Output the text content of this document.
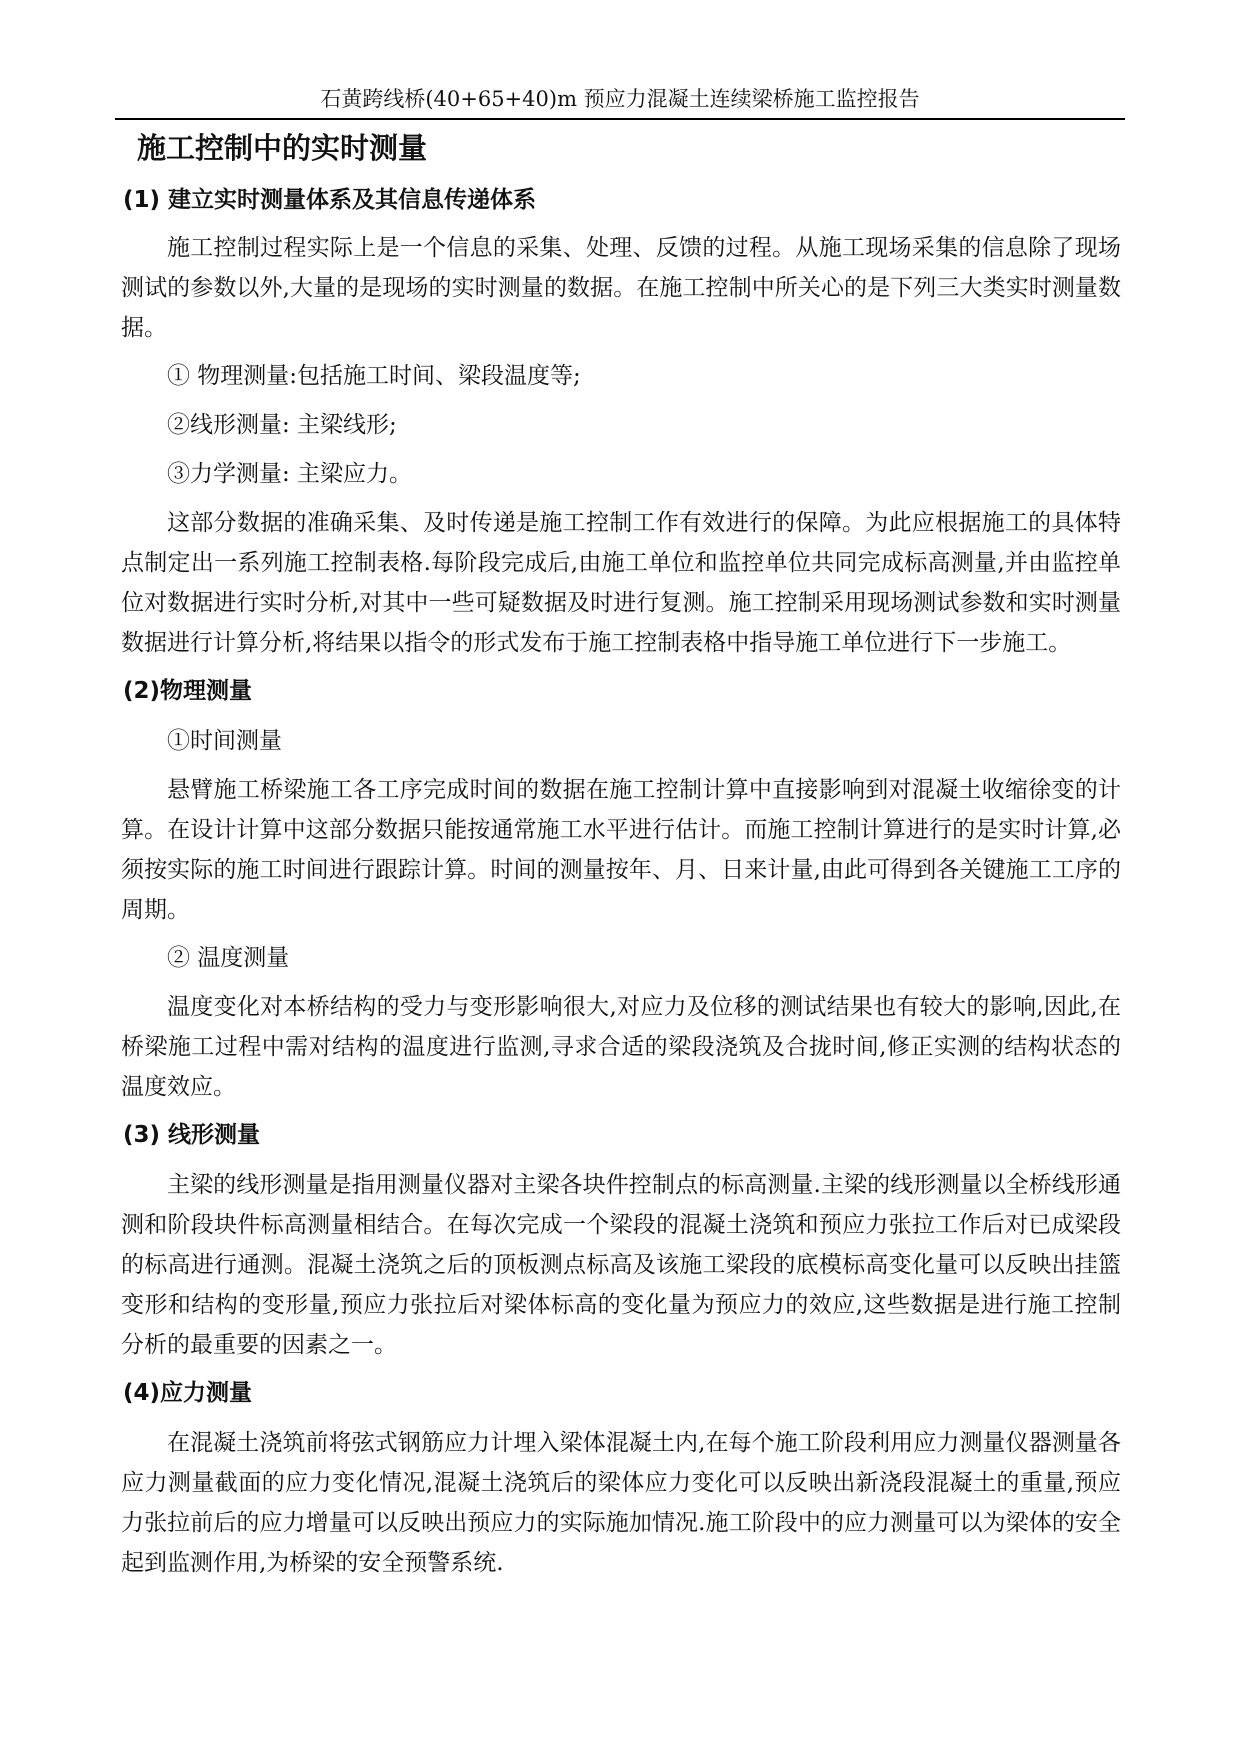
石黄跨线桥(40+65+40)m 预应力混凝土连续梁桥施工监控报告
施工控制中的实时测量
(1) 建立实时测量体系及其信息传递体系
施工控制过程实际上是一个信息的采集、处理、反馈的过程。从施工现场采集的信息除了现场测试的参数以外,大量的是现场的实时测量的数据。在施工控制中所关心的是下列三大类实时测量数据。
① 物理测量:包括施工时间、梁段温度等;
②线形测量: 主梁线形;
③力学测量: 主梁应力。
这部分数据的准确采集、及时传递是施工控制工作有效进行的保障。为此应根据施工的具体特点制定出一系列施工控制表格.每阶段完成后,由施工单位和监控单位共同完成标高测量,并由监控单位对数据进行实时分析,对其中一些可疑数据及时进行复测。施工控制采用现场测试参数和实时测量数据进行计算分析,将结果以指令的形式发布于施工控制表格中指导施工单位进行下一步施工。
(2)物理测量
①时间测量
悬臂施工桥梁施工各工序完成时间的数据在施工控制计算中直接影响到对混凝土收缩徐变的计算。在设计计算中这部分数据只能按通常施工水平进行估计。而施工控制计算进行的是实时计算,必须按实际的施工时间进行跟踪计算。时间的测量按年、月、日来计量,由此可得到各关键施工工序的周期。
② 温度测量
温度变化对本桥结构的受力与变形影响很大,对应力及位移的测试结果也有较大的影响,因此,在桥梁施工过程中需对结构的温度进行监测,寻求合适的梁段浇筑及合拢时间,修正实测的结构状态的温度效应。
(3) 线形测量
主梁的线形测量是指用测量仪器对主梁各块件控制点的标高测量.主梁的线形测量以全桥线形通测和阶段块件标高测量相结合。在每次完成一个梁段的混凝土浇筑和预应力张拉工作后对已成梁段的标高进行通测。混凝土浇筑之后的顶板测点标高及该施工梁段的底模标高变化量可以反映出挂篮变形和结构的变形量,预应力张拉后对梁体标高的变化量为预应力的效应,这些数据是进行施工控制分析的最重要的因素之一。
(4)应力测量
在混凝土浇筑前将弦式钢筋应力计埋入梁体混凝土内,在每个施工阶段利用应力测量仪器测量各应力测量截面的应力变化情况,混凝土浇筑后的梁体应力变化可以反映出新浇段混凝土的重量,预应力张拉前后的应力增量可以反映出预应力的实际施加情况.施工阶段中的应力测量可以为梁体的安全起到监测作用,为桥梁的安全预警系统.
